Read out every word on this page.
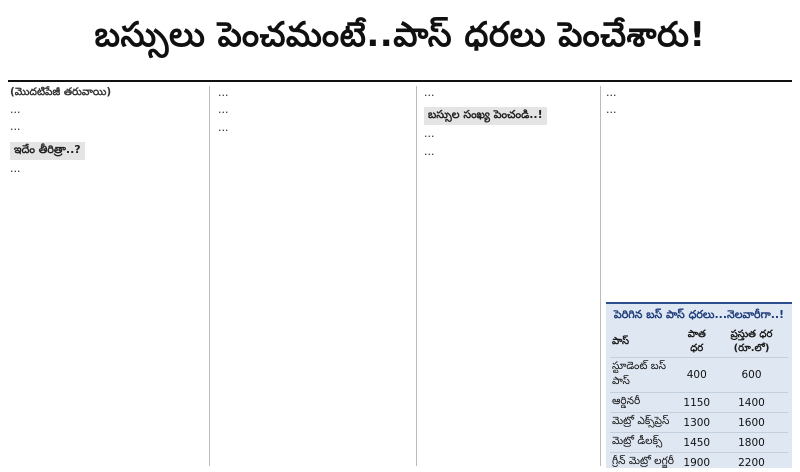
బస్సులు పెంచమంటే..పాస్ ధరలు పెంచేశారు!
(మొదటిపేజీ తరువాయి)

…

…

ఇదేం తీరిత్రా..?

…

…

…

…

…

బస్సుల సంఖ్య పెంచండి..!

…

…

…

…

పెరిగిన బస్ పాస్ ధరలు...నెలవారీగా..!
పాస్	పాత ధర	ప్రస్తుత ధర (రూ.లో)
స్టూడెంట్ బస్ పాస్	400	600
ఆర్డినరీ	1150	1400
మెట్రో ఎక్స్‌ప్రెస్	1300	1600
మెట్రో డీలక్స్	1450	1800
గ్రీన్ మెట్రో లగ్జరీ	1900	2200
